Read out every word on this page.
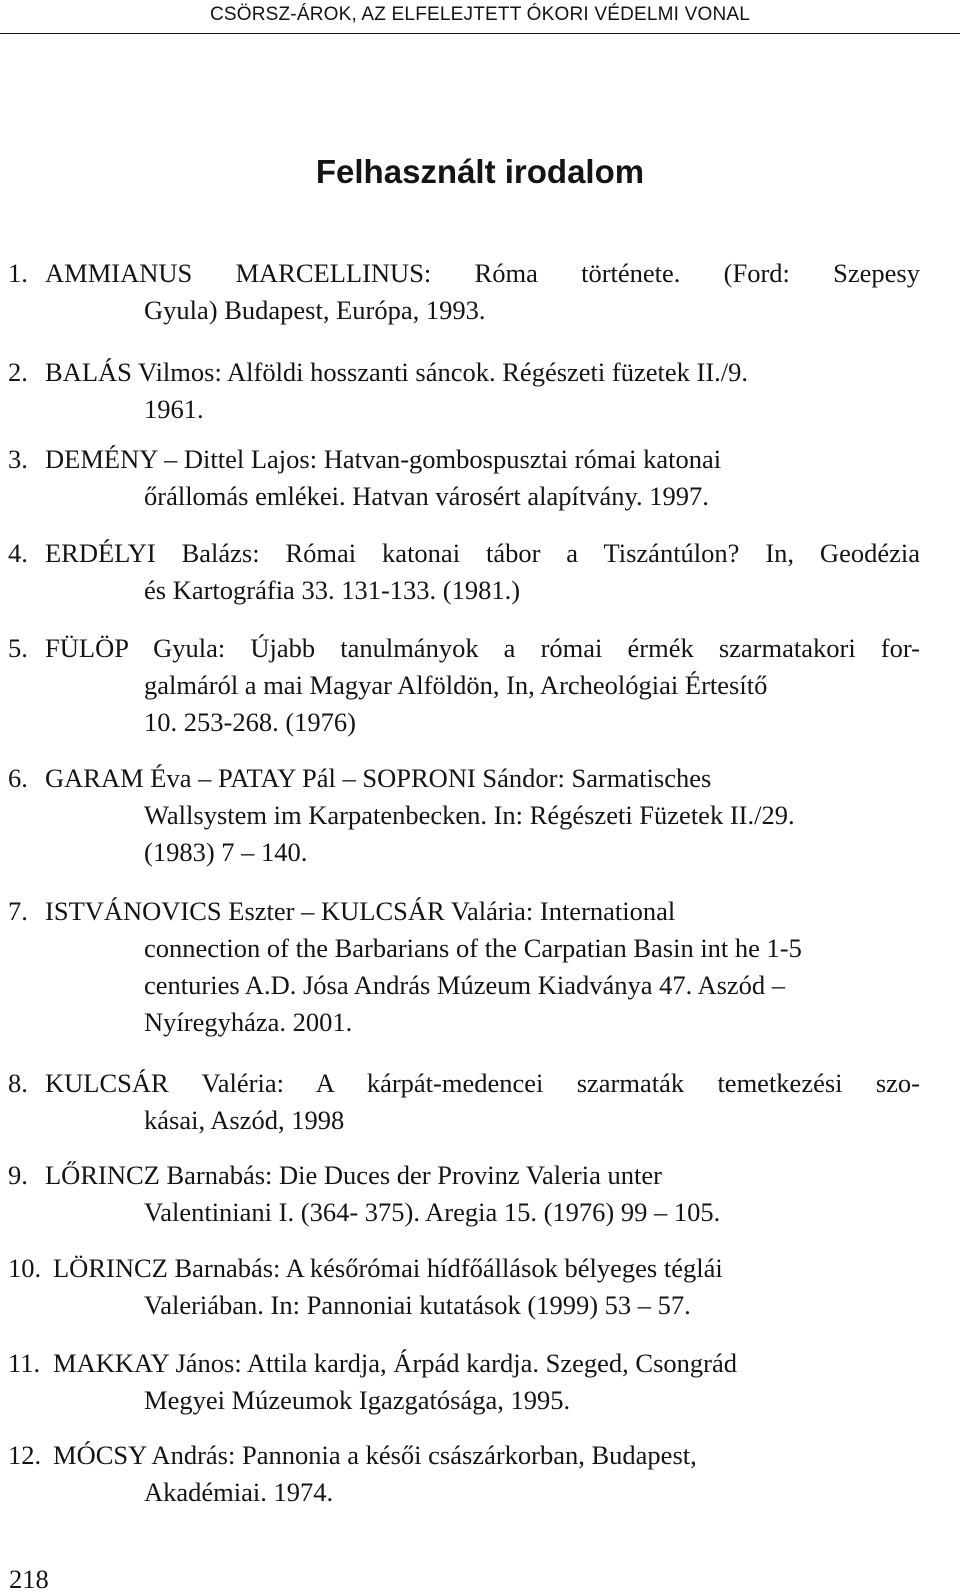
CSÖRSZ-ÁROK, AZ ELFELEJTETT ÓKORI VÉDELMI VONAL
Felhasznált irodalom
1. AMMIANUS MARCELLINUS: Róma története. (Ford: Szepesy
Gyula) Budapest, Európa, 1993.
2. BALÁS Vilmos: Alföldi hosszanti sáncok. Régészeti füzetek II./9.
1961.
3. DEMÉNY – Dittel Lajos: Hatvan-gombospusztai római katonai
őrállomás emlékei. Hatvan városért alapítvány. 1997.
4. ERDÉLYI Balázs: Római katonai tábor a Tiszántúlon? In, Geodézia
és Kartográfia 33. 131-133. (1981.)
5. FÜLÖP Gyula: Újabb tanulmányok a római érmék szarmatakori for-
galmáról a mai Magyar Alföldön, In, Archeológiai Értesítő
10. 253-268. (1976)
6. GARAM Éva – PATAY Pál – SOPRONI Sándor: Sarmatisches
Wallsystem im Karpatenbecken. In: Régészeti Füzetek II./29.
(1983) 7 – 140.
7. ISTVÁNOVICS Eszter – KULCSÁR Valária: International
connection of the Barbarians of the Carpatian Basin int he 1-5
centuries A.D. Jósa András Múzeum Kiadványa 47. Aszód –
Nyíregyháza. 2001.
8. KULCSÁR Valéria: A kárpát-medencei szarmaták temetkezési szo-
kásai, Aszód, 1998
9. LŐRINCZ Barnabás: Die Duces der Provinz Valeria unter
Valentiniani I. (364- 375). Aregia 15. (1976) 99 – 105.
10. LÖRINCZ Barnabás: A későrómai hídfőállások bélyeges téglái
Valeriában. In: Pannoniai kutatások (1999) 53 – 57.
11. MAKKAY János: Attila kardja, Árpád kardja. Szeged, Csongrád
Megyei Múzeumok Igazgatósága, 1995.
12. MÓCSY András: Pannonia a késői császárkorban, Budapest,
Akadémiai. 1974.
218
